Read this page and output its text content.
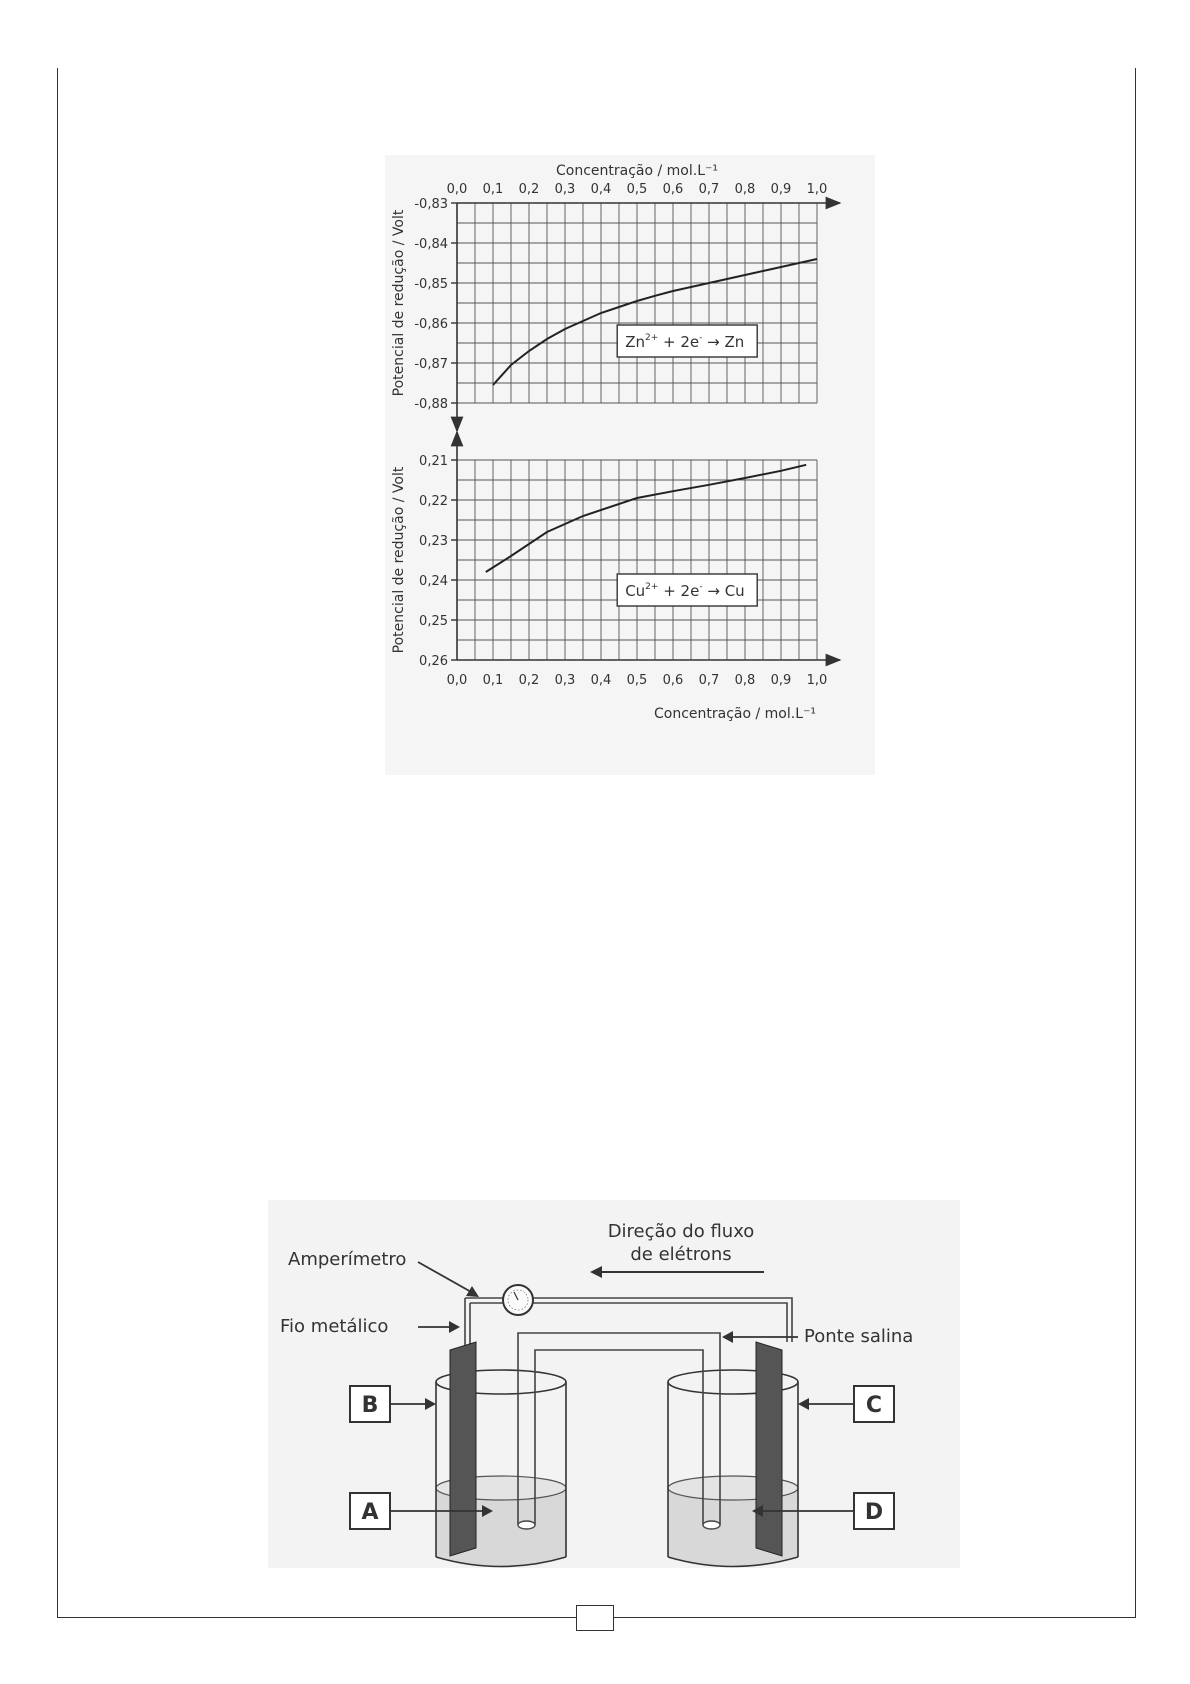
0,0 0,1 0,2 0,3 0,4 0,5 0,6 0,7 0,8 0,9 1,0
-0,83
-0,84
-0,85
-0,86
-0,87
-0,88
Potencial de redução / Volt
Concentração / mol.L⁻¹
$Zn^{2+} + 2e^- \to Zn$
0,0 0,1 0,2 0,3 0,4 0,5 0,6 0,7 0,8 0,9 1,0
0,21
0,22
0,23
0,24
0,25
0,26
Potencial de redução / Volt
Concentração / mol.L⁻¹
$Cu^{2+} + 2e^- \to Cu$
Direção do fluxo
de elétrons
Amperímetro
Fio metálico	Ponte salina
B
A
C
D
